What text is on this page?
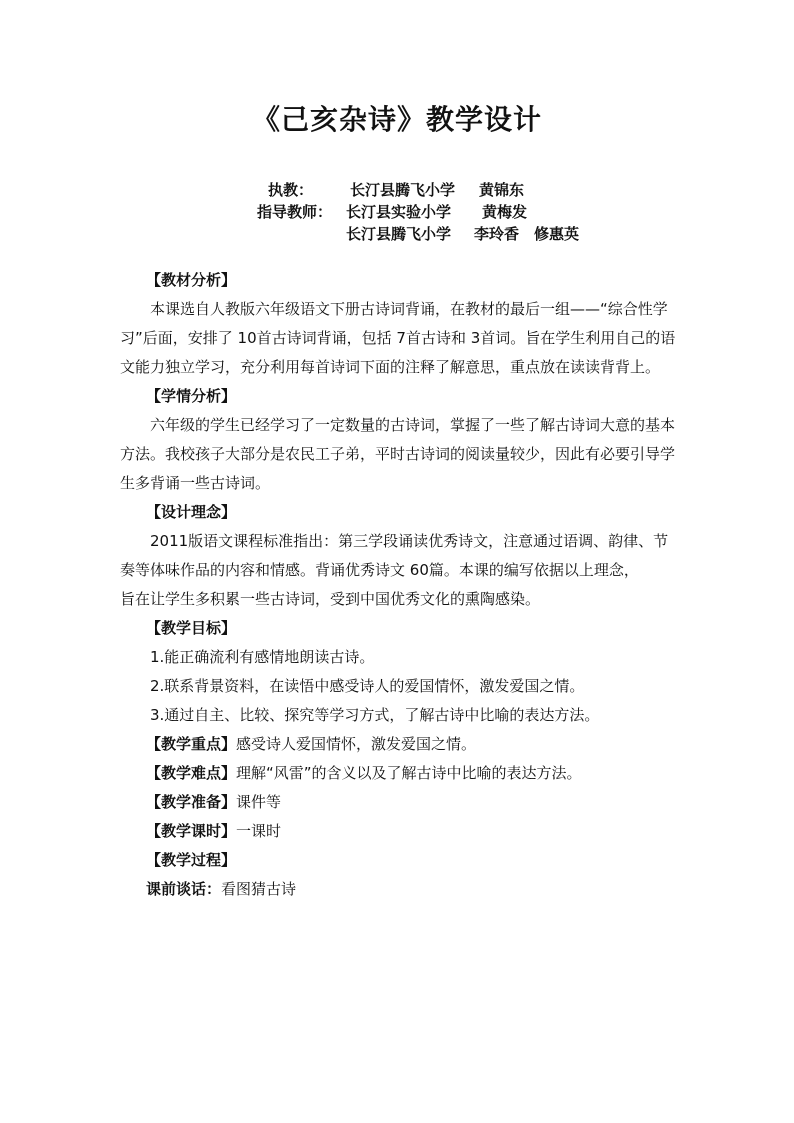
《己亥杂诗》教学设计
执教： 长汀县腾飞小学 黄锦东
指导教师： 长汀县实验小学 黄梅发
长汀县腾飞小学 李玲香　修惠英

【教材分析】

本课选自人教版六年级语文下册古诗词背诵，在教材的最后一组——“综合性学习”后面，安排了 10首古诗词背诵，包括 7首古诗和 3首词。旨在学生利用自己的语文能力独立学习，充分利用每首诗词下面的注释了解意思，重点放在读读背背上。

【学情分析】

六年级的学生已经学习了一定数量的古诗词，掌握了一些了解古诗词大意的基本方法。我校孩子大部分是农民工子弟，平时古诗词的阅读量较少，因此有必要引导学生多背诵一些古诗词。

【设计理念】

2011版语文课程标准指出：第三学段诵读优秀诗文，注意通过语调、韵律、节奏等体味作品的内容和情感。背诵优秀诗文 60篇。本课的编写依据以上理念，

旨在让学生多积累一些古诗词，受到中国优秀文化的熏陶感染。

【教学目标】

1.能正确流利有感情地朗读古诗。

2.联系背景资料，在读悟中感受诗人的爱国情怀，激发爱国之情。

3.通过自主、比较、探究等学习方式，了解古诗中比喻的表达方法。

【教学重点】感受诗人爱国情怀，激发爱国之情。

【教学难点】理解“风雷”的含义以及了解古诗中比喻的表达方法。

【教学准备】课件等

【教学课时】一课时

【教学过程】

课前谈话：看图猜古诗
